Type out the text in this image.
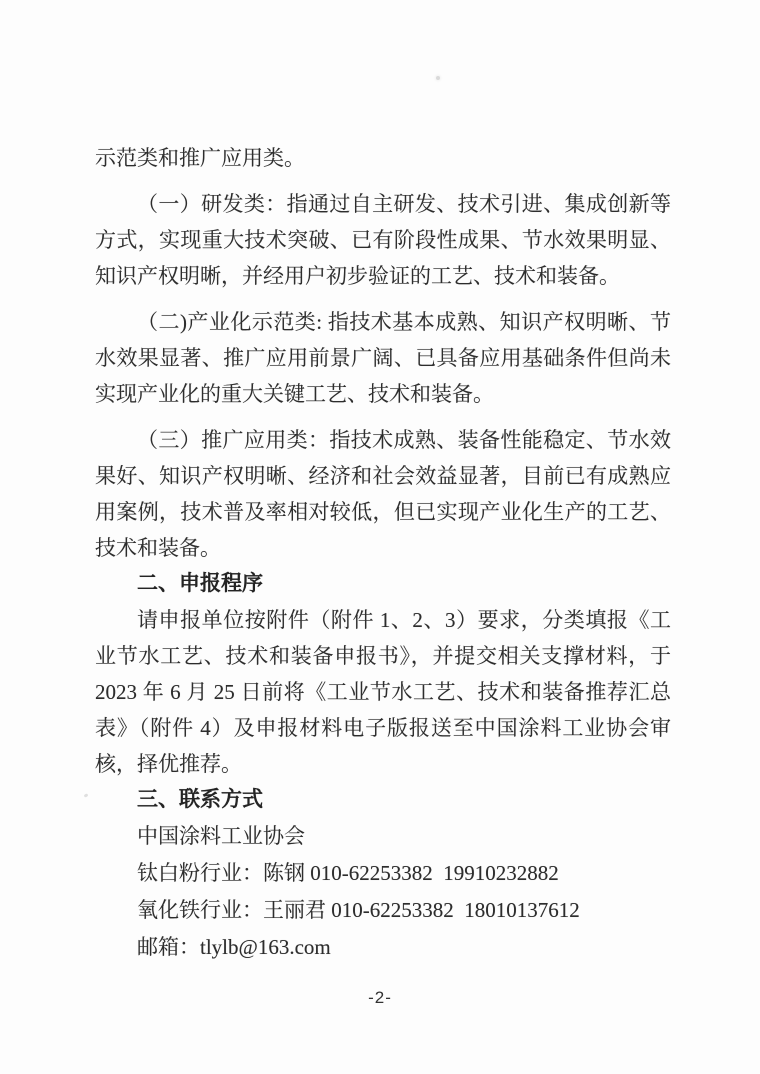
示范类和推广应用类。

（一）研发类：指通过自主研发、技术引进、集成创新等方式，实现重大技术突破、已有阶段性成果、节水效果明显、知识产权明晰，并经用户初步验证的工艺、技术和装备。

（二)产业化示范类: 指技术基本成熟、知识产权明晰、节水效果显著、推广应用前景广阔、已具备应用基础条件但尚未实现产业化的重大关键工艺、技术和装备。

（三）推广应用类：指技术成熟、装备性能稳定、节水效果好、知识产权明晰、经济和社会效益显著，目前已有成熟应用案例，技术普及率相对较低，但已实现产业化生产的工艺、技术和装备。

二、申报程序

请申报单位按附件（附件 1、2、3）要求，分类填报《工业节水工艺、技术和装备申报书》，并提交相关支撑材料，于 2023 年 6 月 25 日前将《工业节水工艺、技术和装备推荐汇总表》（附件 4）及申报材料电子版报送至中国涂料工业协会审核，择优推荐。

三、联系方式

中国涂料工业协会

钛白粉行业：陈钢 010-62253382  19910232882

氧化铁行业：王丽君 010-62253382  18010137612

邮箱：tlylb@163.com

-2-
